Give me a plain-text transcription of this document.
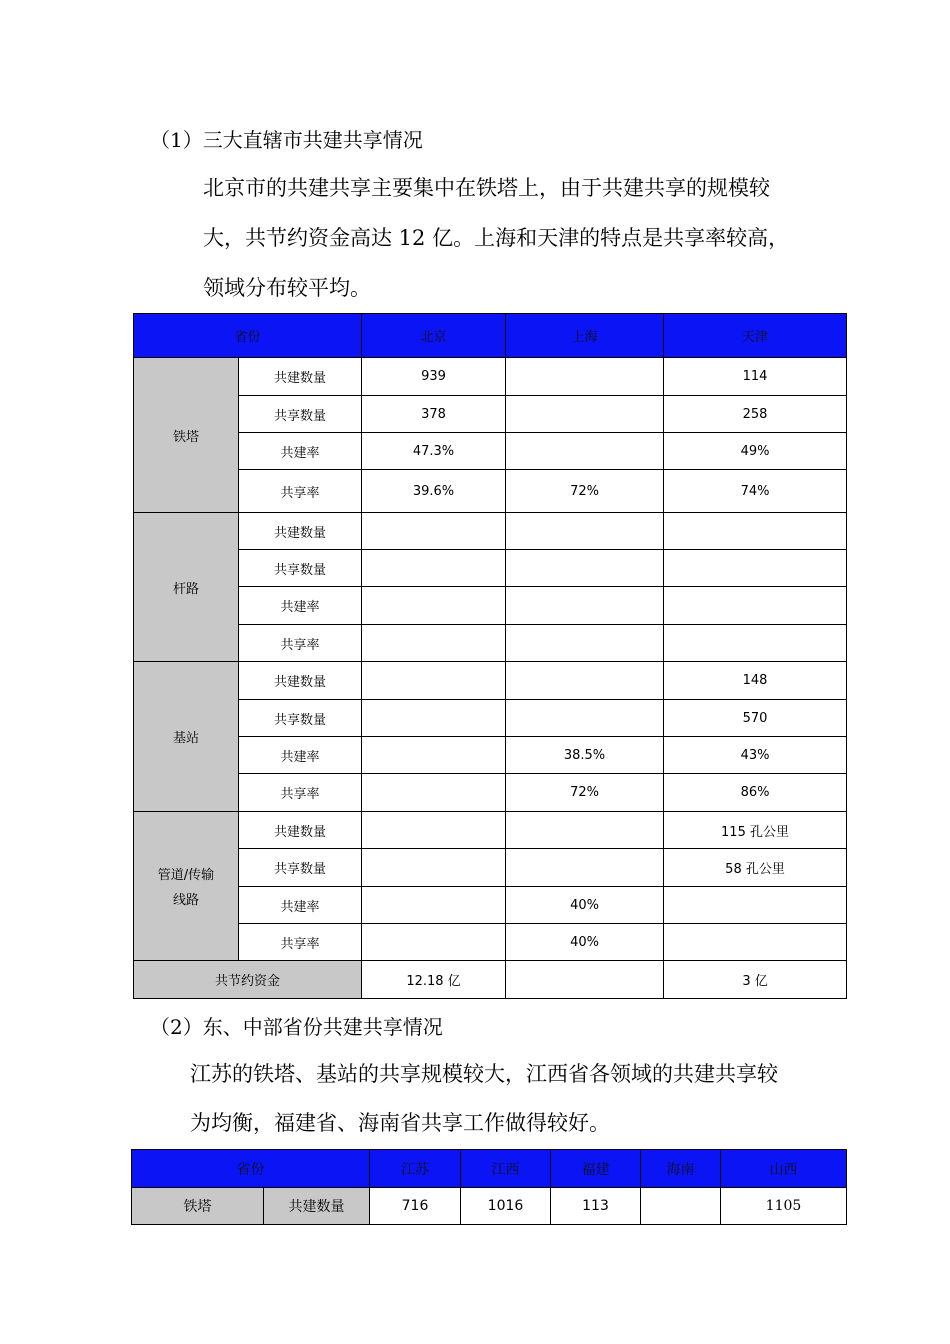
（1）三大直辖市共建共享情况
北京市的共建共享主要集中在铁塔上，由于共建共享的规模较
大，共节约资金高达 12 亿。上海和天津的特点是共享率较高，
领域分布较平均。
省份		北京	上海	天津
铁塔	共建数量	939		114
	共享数量	378		258
	共建率	47.3%		49%
	共享率	39.6%	72%	74%
杆路	共建数量			
	共享数量			
	共建率			
	共享率			
基站	共建数量			148
	共享数量			570
	共建率		38.5%	43%
	共享率		72%	86%

管道/传输
线路	共建数量			115 孔公里
	共享数量			58 孔公里
	共建率		40%	
	共享率		40%	
共节约资金		12.18 亿		3 亿
（2）东、中部省份共建共享情况
江苏的铁塔、基站的共享规模较大，江西省各领域的共建共享较
为均衡，福建省、海南省共享工作做得较好。
省份		江苏	江西	福建	海南	山西
铁塔	共建数量	716	1016	113		1105
